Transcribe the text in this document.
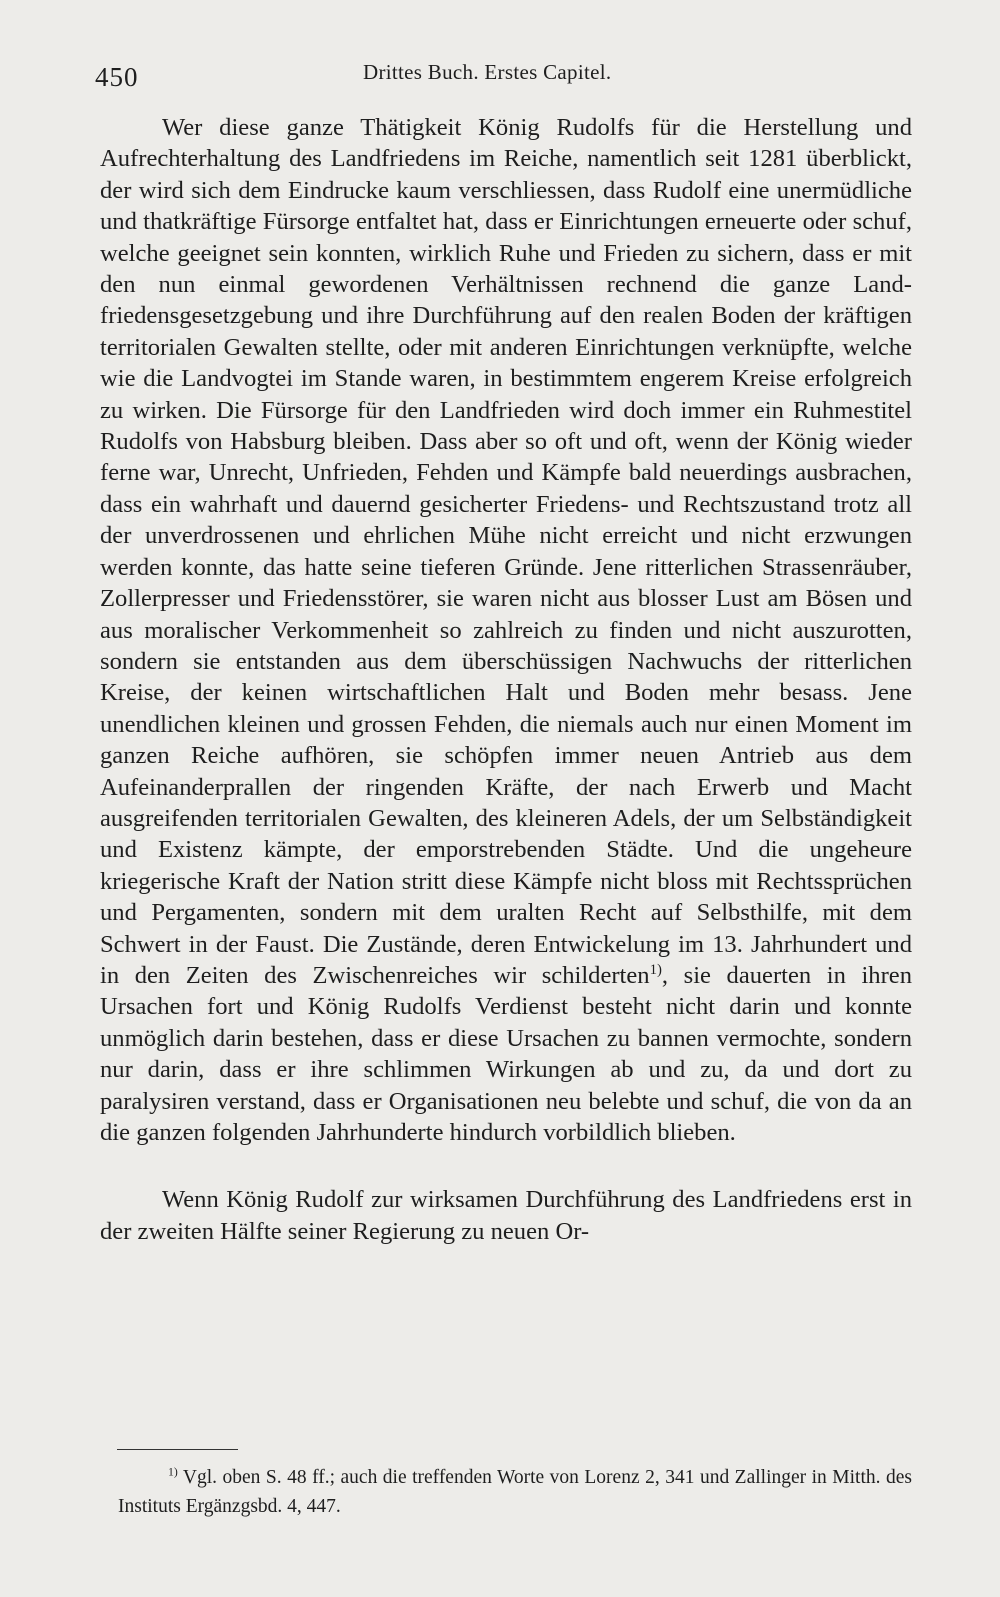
450	Drittes Buch. Erstes Capitel.

Wer diese ganze Thätigkeit König Rudolfs für die Herstellung und Aufrechterhaltung des Landfriedens im Reiche, namentlich seit 1281 überblickt, der wird sich dem Eindrucke kaum verschliessen, dass Rudolf eine unermüdliche und thatkräftige Fürsorge entfaltet hat, dass er Einrichtungen erneuerte oder schuf, welche geeignet sein konnten, wirklich Ruhe und Frieden zu sichern, dass er mit den nun einmal gewordenen Verhältnissen rechnend die ganze Landfriedensgesetzgebung und ihre Durchführung auf den realen Boden der kräftigen territorialen Gewalten stellte, oder mit anderen Einrichtungen verknüpfte, welche wie die Landvogtei im Stande waren, in bestimmtem engerem Kreise erfolgreich zu wirken. Die Fürsorge für den Landfrieden wird doch immer ein Ruhmestitel Rudolfs von Habsburg bleiben. Dass aber so oft und oft, wenn der König wieder ferne war, Unrecht, Unfrieden, Fehden und Kämpfe bald neuerdings ausbrachen, dass ein wahrhaft und dauernd gesicherter Friedens- und Rechtszustand trotz all der unverdrossenen und ehrlichen Mühe nicht erreicht und nicht erzwungen werden konnte, das hatte seine tieferen Gründe. Jene ritterlichen Strassenräuber, Zollerpresser und Friedensstörer, sie waren nicht aus blosser Lust am Bösen und aus moralischer Verkommenheit so zahlreich zu finden und nicht auszurotten, sondern sie entstanden aus dem überschüssigen Nachwuchs der ritterlichen Kreise, der keinen wirtschaftlichen Halt und Boden mehr besass. Jene unendlichen kleinen und grossen Fehden, die niemals auch nur einen Moment im ganzen Reiche aufhören, sie schöpfen immer neuen Antrieb aus dem Aufeinanderprallen der ringenden Kräfte, der nach Erwerb und Macht ausgreifenden territorialen Gewalten, des kleineren Adels, der um Selbständigkeit und Existenz kämpte, der emporstrebenden Städte. Und die ungeheure kriegerische Kraft der Nation stritt diese Kämpfe nicht bloss mit Rechtssprüchen und Pergamenten, sondern mit dem uralten Recht auf Selbsthilfe, mit dem Schwert in der Faust. Die Zustände, deren Entwickelung im 13. Jahrhundert und in den Zeiten des Zwischenreiches wir schilderten$^{1)}$, sie dauerten in ihren Ursachen fort und König Rudolfs Verdienst besteht nicht darin und konnte unmöglich darin bestehen, dass er diese Ursachen zu bannen vermochte, sondern nur darin, dass er ihre schlimmen Wirkungen ab und zu, da und dort zu paralysiren verstand, dass er Organisationen neu belebte und schuf, die von da an die ganzen folgenden Jahrhunderte hindurch vorbildlich blieben.

Wenn König Rudolf zur wirksamen Durchführung des Landfriedens erst in der zweiten Hälfte seiner Regierung zu neuen Or-

$^{1)}$ Vgl. oben S. 48 ff.; auch die treffenden Worte von Lorenz 2, 341 und Zallinger in Mitth. des Instituts Ergänzgsbd. 4, 447.
